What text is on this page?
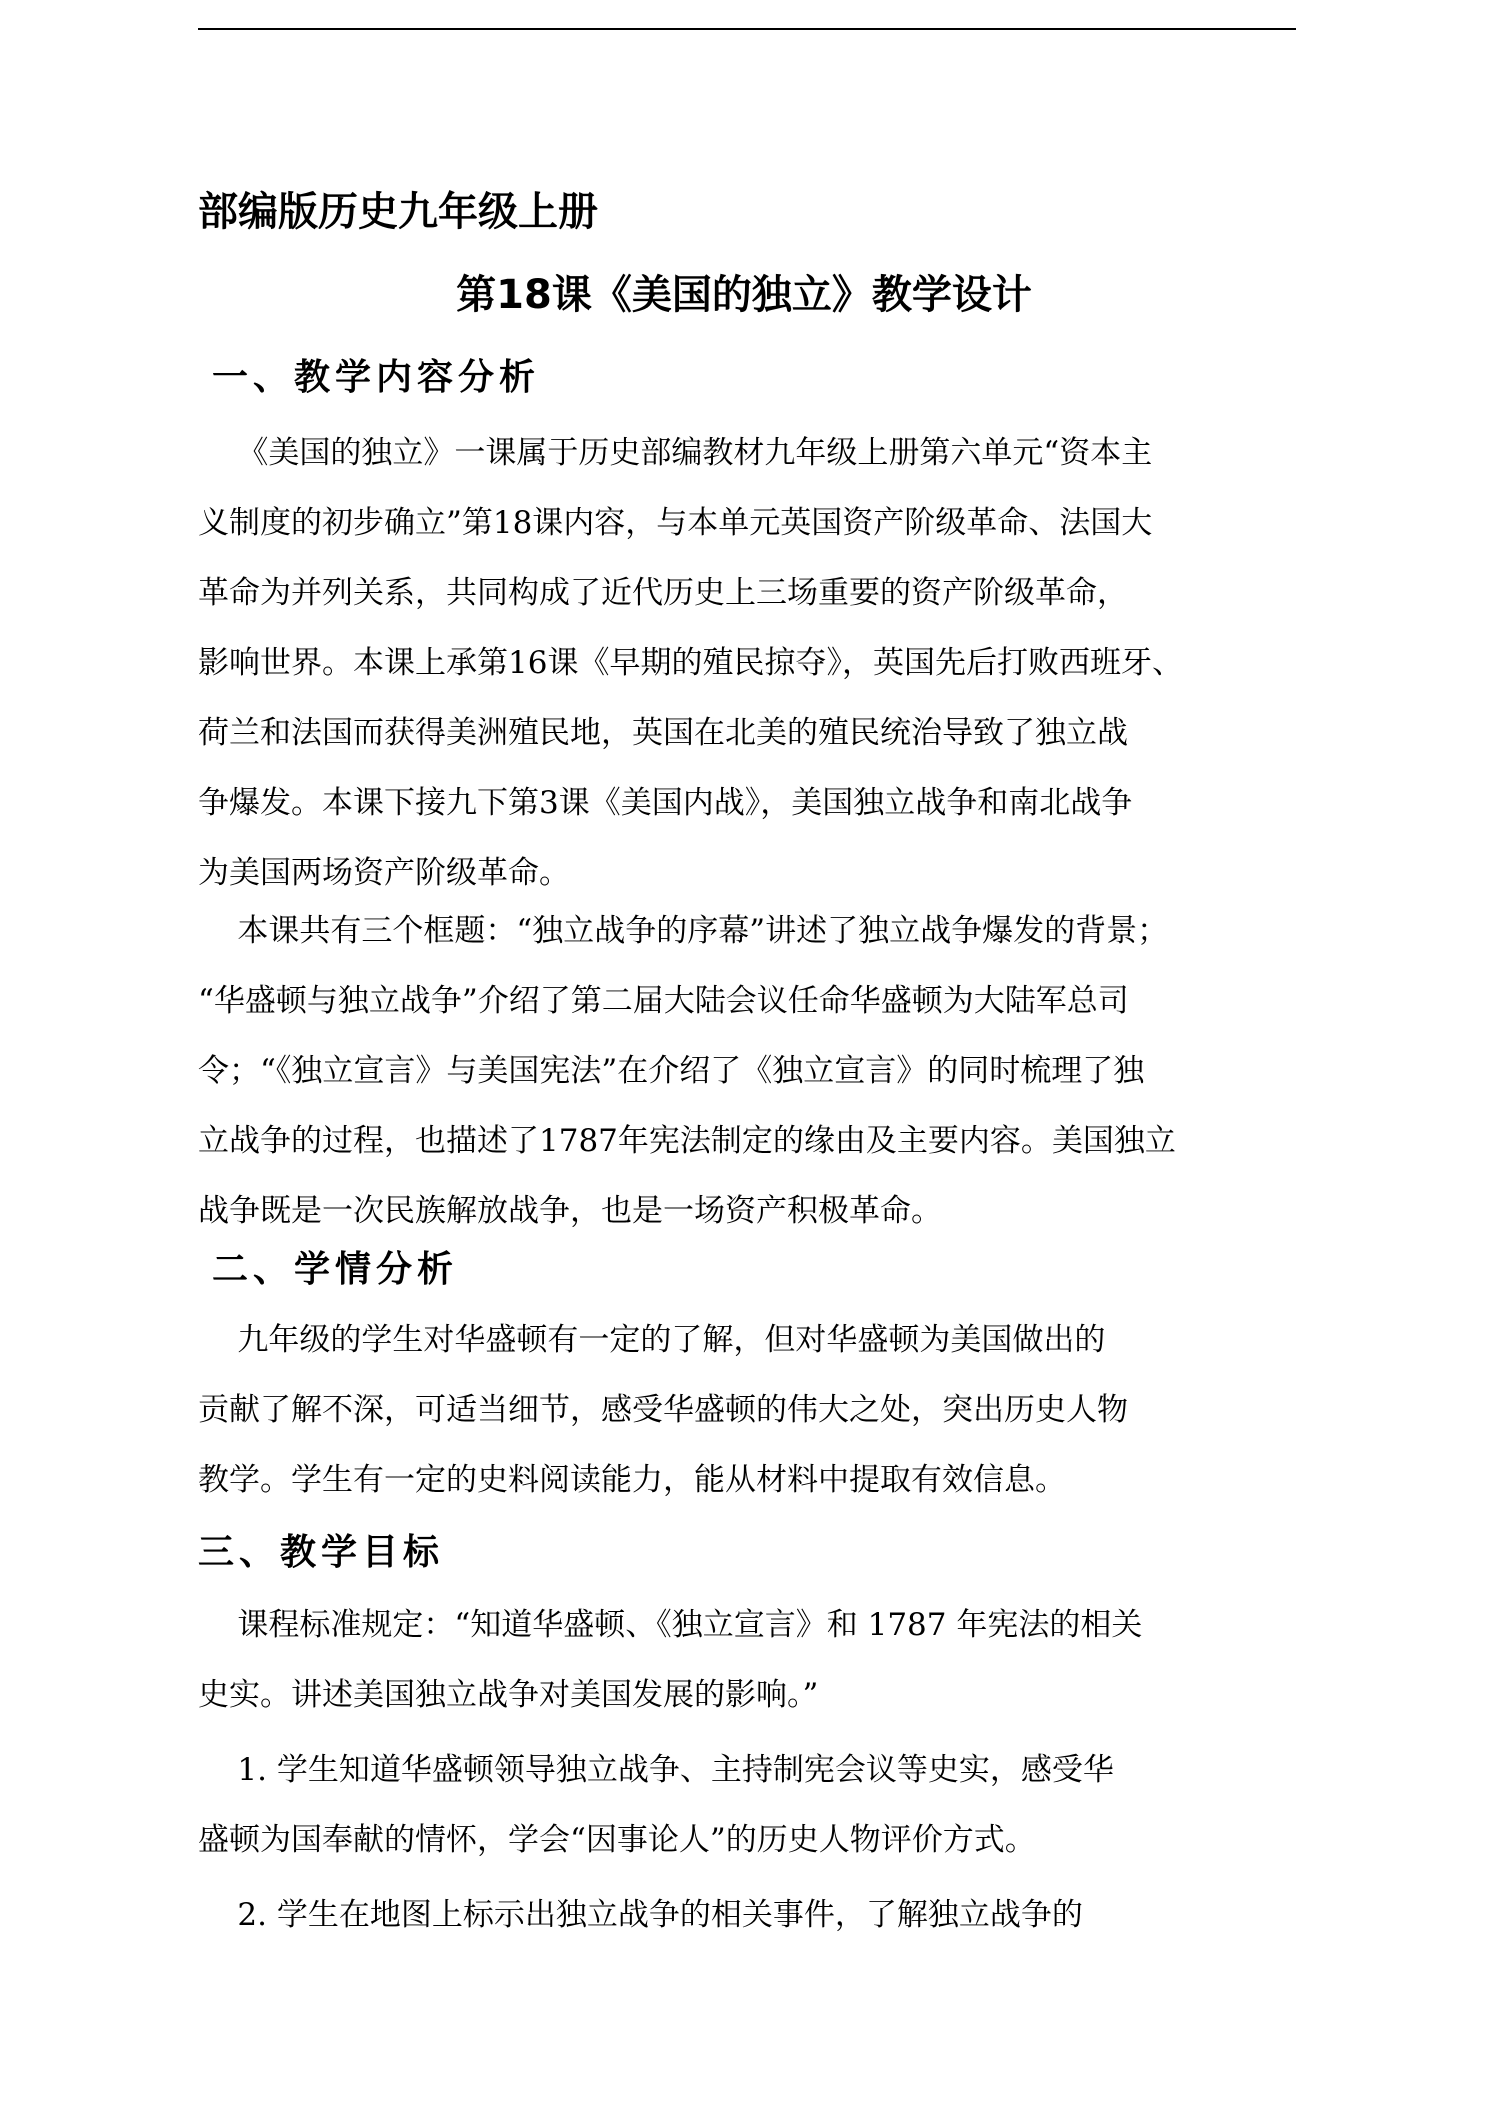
部编版历史九年级上册
第18课《美国的独立》教学设计
一、教学内容分析
《美国的独立》一课属于历史部编教材九年级上册第六单元“资本主
义制度的初步确立”第18课内容，与本单元英国资产阶级革命、法国大
革命为并列关系，共同构成了近代历史上三场重要的资产阶级革命，
影响世界。本课上承第16课《早期的殖民掠夺》，英国先后打败西班牙、
荷兰和法国而获得美洲殖民地，英国在北美的殖民统治导致了独立战
争爆发。本课下接九下第3课《美国内战》，美国独立战争和南北战争
为美国两场资产阶级革命。
本课共有三个框题：“独立战争的序幕”讲述了独立战争爆发的背景；
“华盛顿与独立战争”介绍了第二届大陆会议任命华盛顿为大陆军总司
令；“《独立宣言》与美国宪法”在介绍了《独立宣言》的同时梳理了独
立战争的过程，也描述了1787年宪法制定的缘由及主要内容。美国独立
战争既是一次民族解放战争，也是一场资产积极革命。
二、学情分析
九年级的学生对华盛顿有一定的了解，但对华盛顿为美国做出的
贡献了解不深，可适当细节，感受华盛顿的伟大之处，突出历史人物
教学。学生有一定的史料阅读能力，能从材料中提取有效信息。
三、教学目标
课程标准规定：“知道华盛顿、《独立宣言》和 1787 年宪法的相关
史实。讲述美国独立战争对美国发展的影响。”
1. 学生知道华盛顿领导独立战争、主持制宪会议等史实，感受华
盛顿为国奉献的情怀，学会“因事论人”的历史人物评价方式。
2. 学生在地图上标示出独立战争的相关事件，了解独立战争的
